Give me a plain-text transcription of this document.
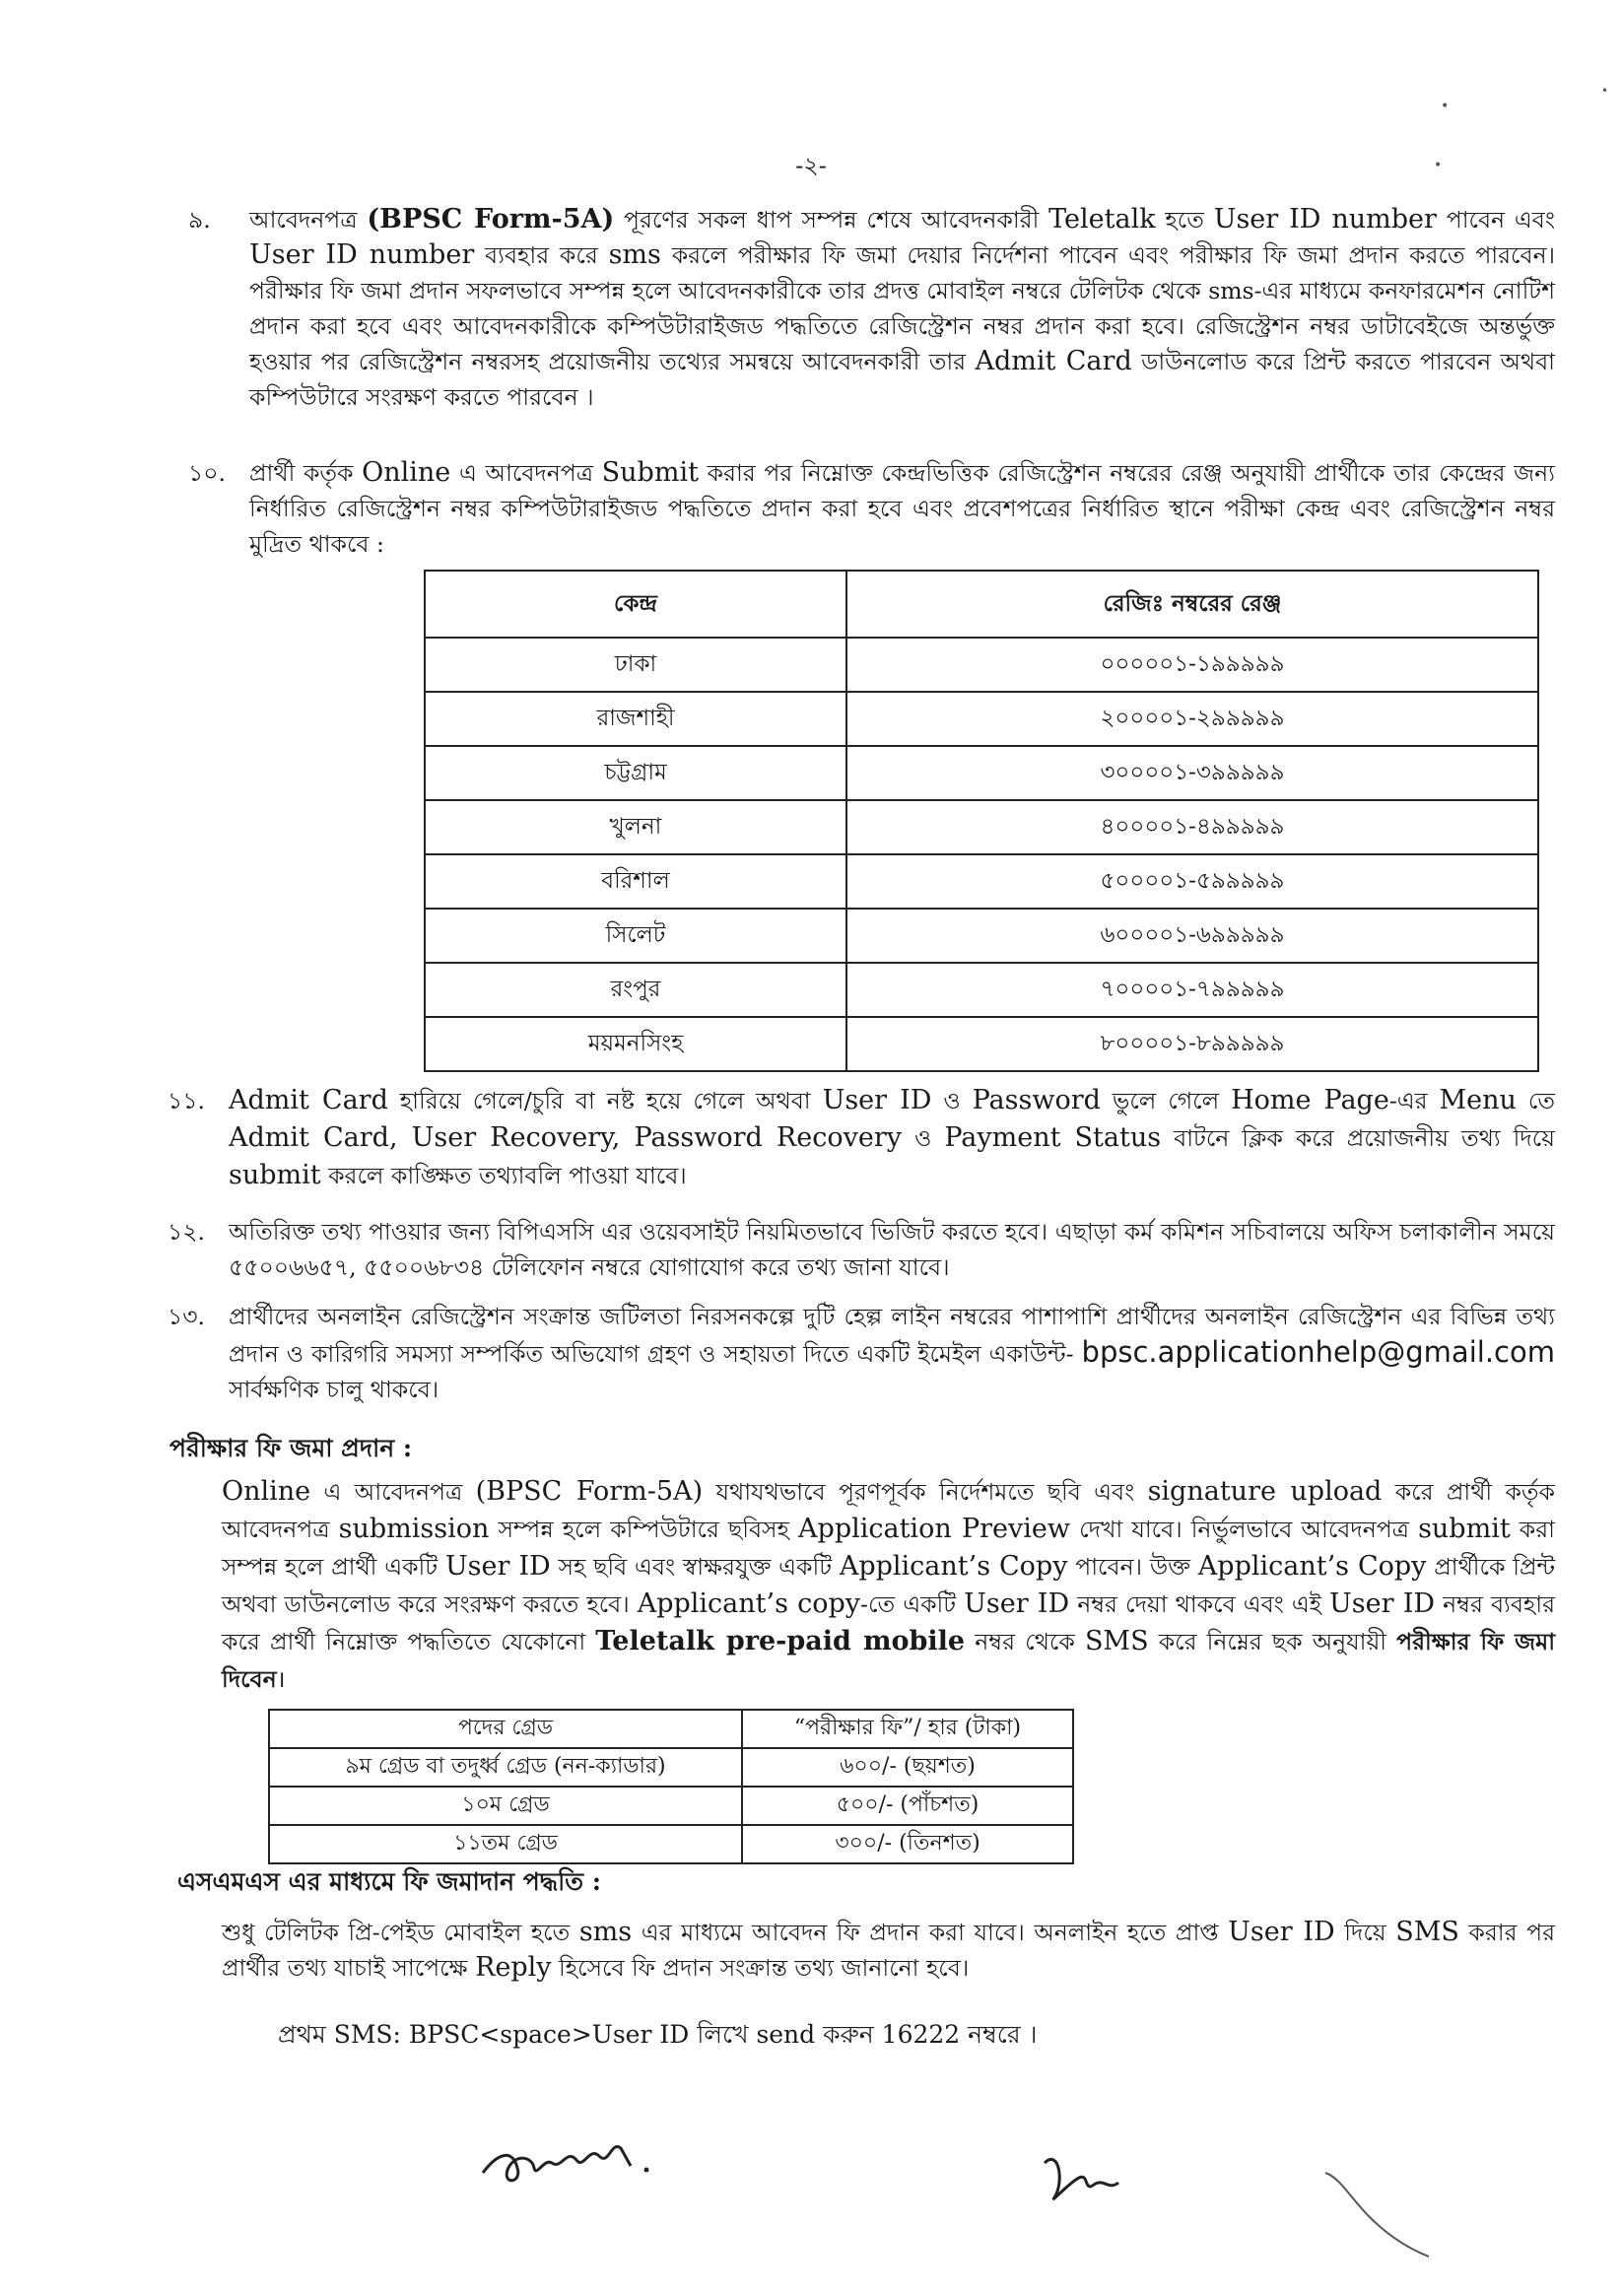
-২-
৯. আবেদনপত্র (BPSC Form-5A) পূরণের সকল ধাপ সম্পন্ন শেষে আবেদনকারী Teletalk হতে User ID number পাবেন এবং User ID number ব্যবহার করে sms করলে পরীক্ষার ফি জমা দেয়ার নির্দেশনা পাবেন এবং পরীক্ষার ফি জমা প্রদান করতে পারবেন। পরীক্ষার ফি জমা প্রদান সফলভাবে সম্পন্ন হলে আবেদনকারীকে তার প্রদত্ত মোবাইল নম্বরে টেলিটক থেকে sms-এর মাধ্যমে কনফারমেশন নোটিশ প্রদান করা হবে এবং আবেদনকারীকে কম্পিউটারাইজড পদ্ধতিতে রেজিস্ট্রেশন নম্বর প্রদান করা হবে। রেজিস্ট্রেশন নম্বর ডাটাবেইজে অন্তর্ভুক্ত হওয়ার পর রেজিস্ট্রেশন নম্বরসহ প্রয়োজনীয় তথ্যের সমন্বয়ে আবেদনকারী তার Admit Card ডাউনলোড করে প্রিন্ট করতে পারবেন অথবা কম্পিউটারে সংরক্ষণ করতে পারবেন ।
১০. প্রার্থী কর্তৃক Online এ আবেদনপত্র Submit করার পর নিম্নোক্ত কেন্দ্রভিত্তিক রেজিস্ট্রেশন নম্বরের রেঞ্জ অনুযায়ী প্রার্থীকে তার কেন্দ্রের জন্য নির্ধারিত রেজিস্ট্রেশন নম্বর কম্পিউটারাইজড পদ্ধতিতে প্রদান করা হবে এবং প্রবেশপত্রের নির্ধারিত স্থানে পরীক্ষা কেন্দ্র এবং রেজিস্ট্রেশন নম্বর মুদ্রিত থাকবে :
কেন্দ্র	রেজিঃ নম্বরের রেঞ্জ
ঢাকা	০০০০০১-১৯৯৯৯৯
রাজশাহী	২০০০০১-২৯৯৯৯৯
চট্টগ্রাম	৩০০০০১-৩৯৯৯৯৯
খুলনা	৪০০০০১-৪৯৯৯৯৯
বরিশাল	৫০০০০১-৫৯৯৯৯৯
সিলেট	৬০০০০১-৬৯৯৯৯৯
রংপুর	৭০০০০১-৭৯৯৯৯৯
ময়মনসিংহ	৮০০০০১-৮৯৯৯৯৯
১১. Admit Card হারিয়ে গেলে/চুরি বা নষ্ট হয়ে গেলে অথবা User ID ও Password ভুলে গেলে Home Page-এর Menu তে Admit Card, User Recovery, Password Recovery ও Payment Status বাটনে ক্লিক করে প্রয়োজনীয় তথ্য দিয়ে submit করলে কাঙ্ক্ষিত তথ্যাবলি পাওয়া যাবে।
১২. অতিরিক্ত তথ্য পাওয়ার জন্য বিপিএসসি এর ওয়েবসাইট নিয়মিতভাবে ভিজিট করতে হবে। এছাড়া কর্ম কমিশন সচিবালয়ে অফিস চলাকালীন সময়ে ৫৫০০৬৬৫৭, ৫৫০০৬৮৩৪ টেলিফোন নম্বরে যোগাযোগ করে তথ্য জানা যাবে।
১৩. প্রার্থীদের অনলাইন রেজিস্ট্রেশন সংক্রান্ত জটিলতা নিরসনকল্পে দুটি হেল্প লাইন নম্বরের পাশাপাশি প্রার্থীদের অনলাইন রেজিস্ট্রেশন এর বিভিন্ন তথ্য প্রদান ও কারিগরি সমস্যা সম্পর্কিত অভিযোগ গ্রহণ ও সহায়তা দিতে একটি ইমেইল একাউন্ট- bpsc.applicationhelp@gmail.com সার্বক্ষণিক চালু থাকবে।
পরীক্ষার ফি জমা প্রদান :
Online এ আবেদনপত্র (BPSC Form-5A) যথাযথভাবে পূরণপূর্বক নির্দেশমতে ছবি এবং signature upload করে প্রার্থী কর্তৃক আবেদনপত্র submission সম্পন্ন হলে কম্পিউটারে ছবিসহ Application Preview দেখা যাবে। নির্ভুলভাবে আবেদনপত্র submit করা সম্পন্ন হলে প্রার্থী একটি User ID সহ ছবি এবং স্বাক্ষরযুক্ত একটি Applicant’s Copy পাবেন। উক্ত Applicant’s Copy প্রার্থীকে প্রিন্ট অথবা ডাউনলোড করে সংরক্ষণ করতে হবে। Applicant’s copy-তে একটি User ID নম্বর দেয়া থাকবে এবং এই User ID নম্বর ব্যবহার করে প্রার্থী নিম্নোক্ত পদ্ধতিতে যেকোনো Teletalk pre-paid mobile নম্বর থেকে SMS করে নিম্নের ছক অনুযায়ী পরীক্ষার ফি জমা দিবেন।
পদের গ্রেড	“পরীক্ষার ফি”/ হার (টাকা)
৯ম গ্রেড বা তদুর্ধ্ব গ্রেড (নন-ক্যাডার)	৬০০/- (ছয়শত)
১০ম গ্রেড	৫০০/- (পাঁচশত)
১১তম গ্রেড	৩০০/- (তিনশত)
এসএমএস এর মাধ্যমে ফি জমাদান পদ্ধতি :
শুধু টেলিটক প্রি-পেইড মোবাইল হতে sms এর মাধ্যমে আবেদন ফি প্রদান করা যাবে। অনলাইন হতে প্রাপ্ত User ID দিয়ে SMS করার পর প্রার্থীর তথ্য যাচাই সাপেক্ষে Reply হিসেবে ফি প্রদান সংক্রান্ত তথ্য জানানো হবে।
প্রথম SMS: BPSC<space>User ID লিখে send করুন 16222 নম্বরে ।
•
•
•
